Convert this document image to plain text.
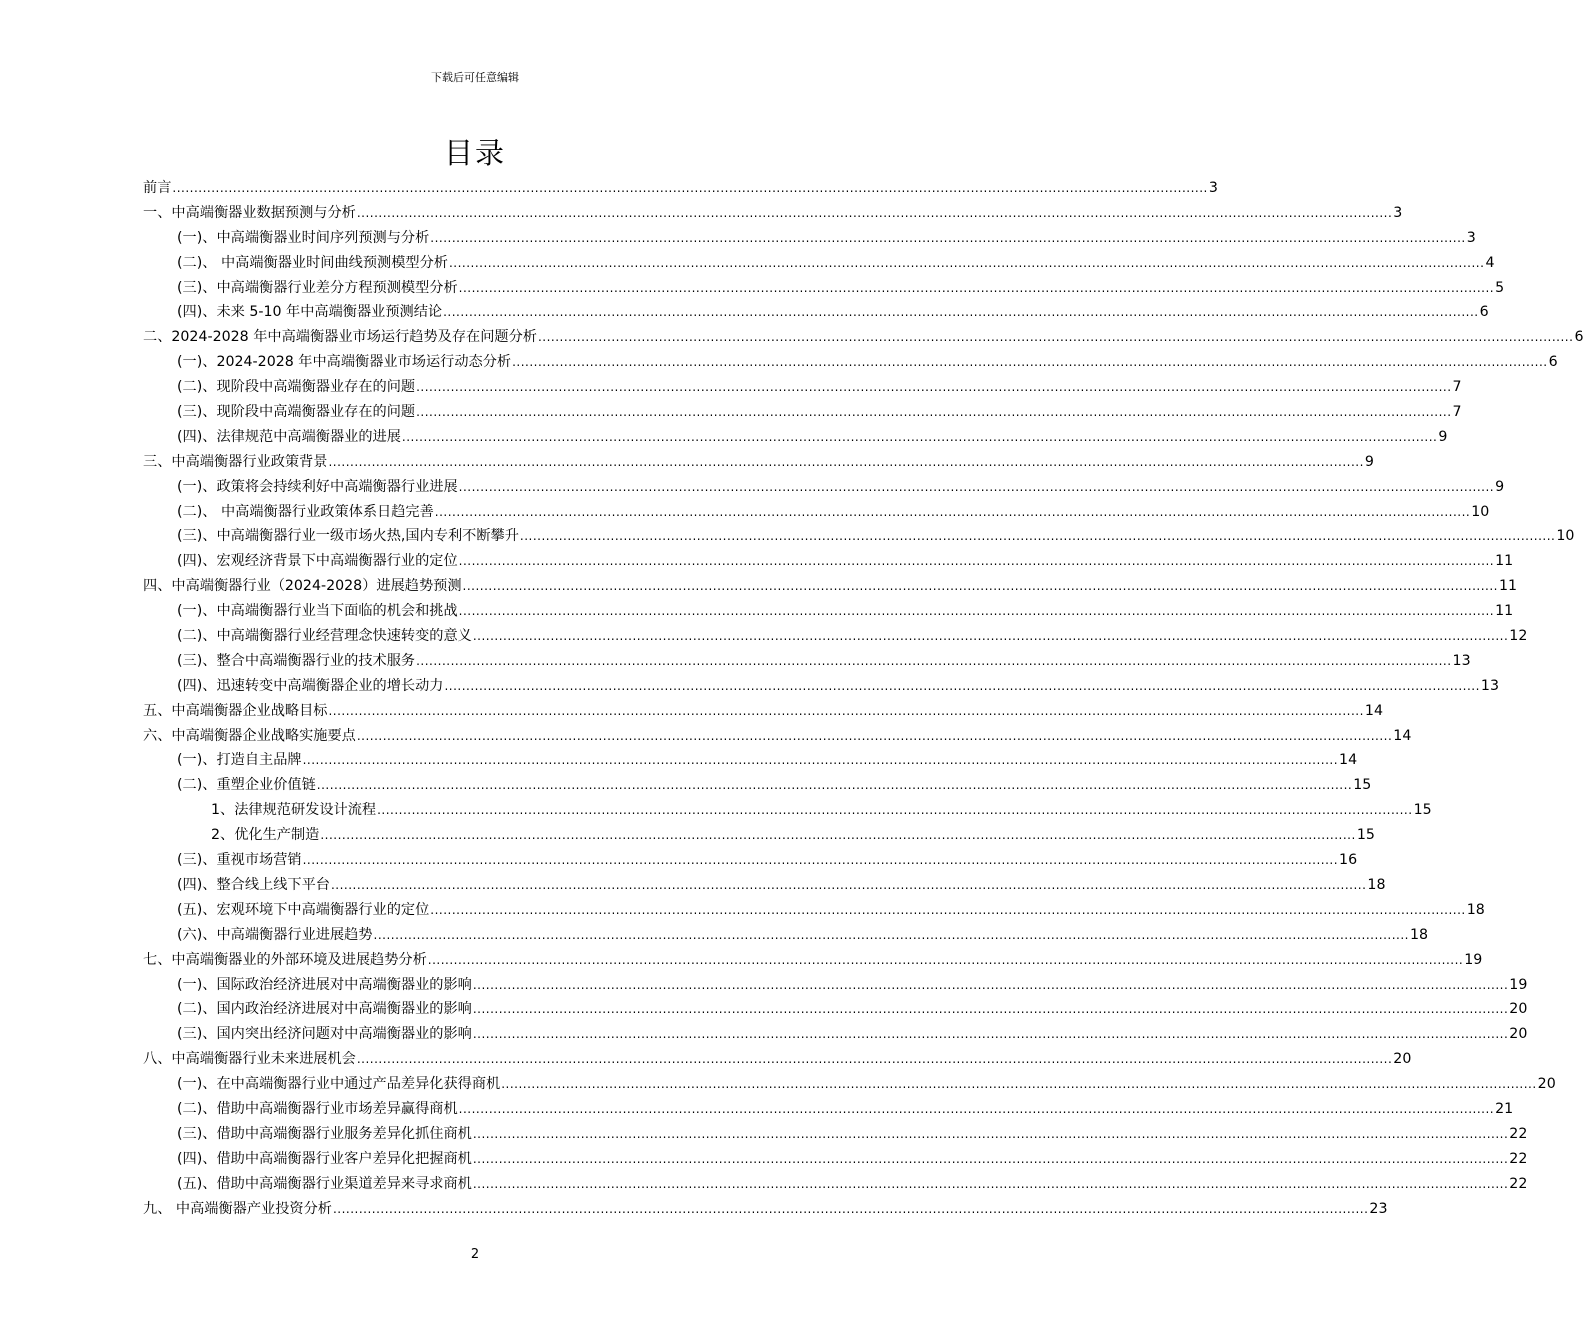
下载后可任意编辑
目录
前言 .....	3
一、中高端衡器业数据预测与分析 .....	3
(一)、中高端衡器业时间序列预测与分析 .....	3
(二)、 中高端衡器业时间曲线预测模型分析 .....	4
(三)、中高端衡器行业差分方程预测模型分析 .....	5
(四)、未来 5-10 年中高端衡器业预测结论 .....	6
二、2024-2028 年中高端衡器业市场运行趋势及存在问题分析 .....	6
(一)、2024-2028 年中高端衡器业市场运行动态分析 .....	6
(二)、现阶段中高端衡器业存在的问题 .....	7
(三)、现阶段中高端衡器业存在的问题 .....	7
(四)、法律规范中高端衡器业的进展 .....	9
三、中高端衡器行业政策背景 .....	9
(一)、政策将会持续利好中高端衡器行业进展 .....	9
(二)、 中高端衡器行业政策体系日趋完善 .....	10
(三)、中高端衡器行业一级市场火热,国内专利不断攀升 .....	10
(四)、宏观经济背景下中高端衡器行业的定位 .....	11
四、中高端衡器行业（2024-2028）进展趋势预测 .....	11
(一)、中高端衡器行业当下面临的机会和挑战 .....	11
(二)、中高端衡器行业经营理念快速转变的意义 .....	12
(三)、整合中高端衡器行业的技术服务 .....	13
(四)、迅速转变中高端衡器企业的增长动力 .....	13
五、中高端衡器企业战略目标 .....	14
六、中高端衡器企业战略实施要点 .....	14
(一)、打造自主品牌 .....	14
(二)、重塑企业价值链 .....	15
1、法律规范研发设计流程 .....	15
2、优化生产制造 .....	15
(三)、重视市场营销 .....	16
(四)、整合线上线下平台 .....	18
(五)、宏观环境下中高端衡器行业的定位 .....	18
(六)、中高端衡器行业进展趋势 .....	18
七、中高端衡器业的外部环境及进展趋势分析 .....	19
(一)、国际政治经济进展对中高端衡器业的影响 .....	19
(二)、国内政治经济进展对中高端衡器业的影响 .....	20
(三)、国内突出经济问题对中高端衡器业的影响 .....	20
八、中高端衡器行业未来进展机会 .....	20
(一)、在中高端衡器行业中通过产品差异化获得商机 .....	20
(二)、借助中高端衡器行业市场差异赢得商机 .....	21
(三)、借助中高端衡器行业服务差异化抓住商机 .....	22
(四)、借助中高端衡器行业客户差异化把握商机 .....	22
(五)、借助中高端衡器行业渠道差异来寻求商机 .....	22
九、 中高端衡器产业投资分析 .....	23
2
